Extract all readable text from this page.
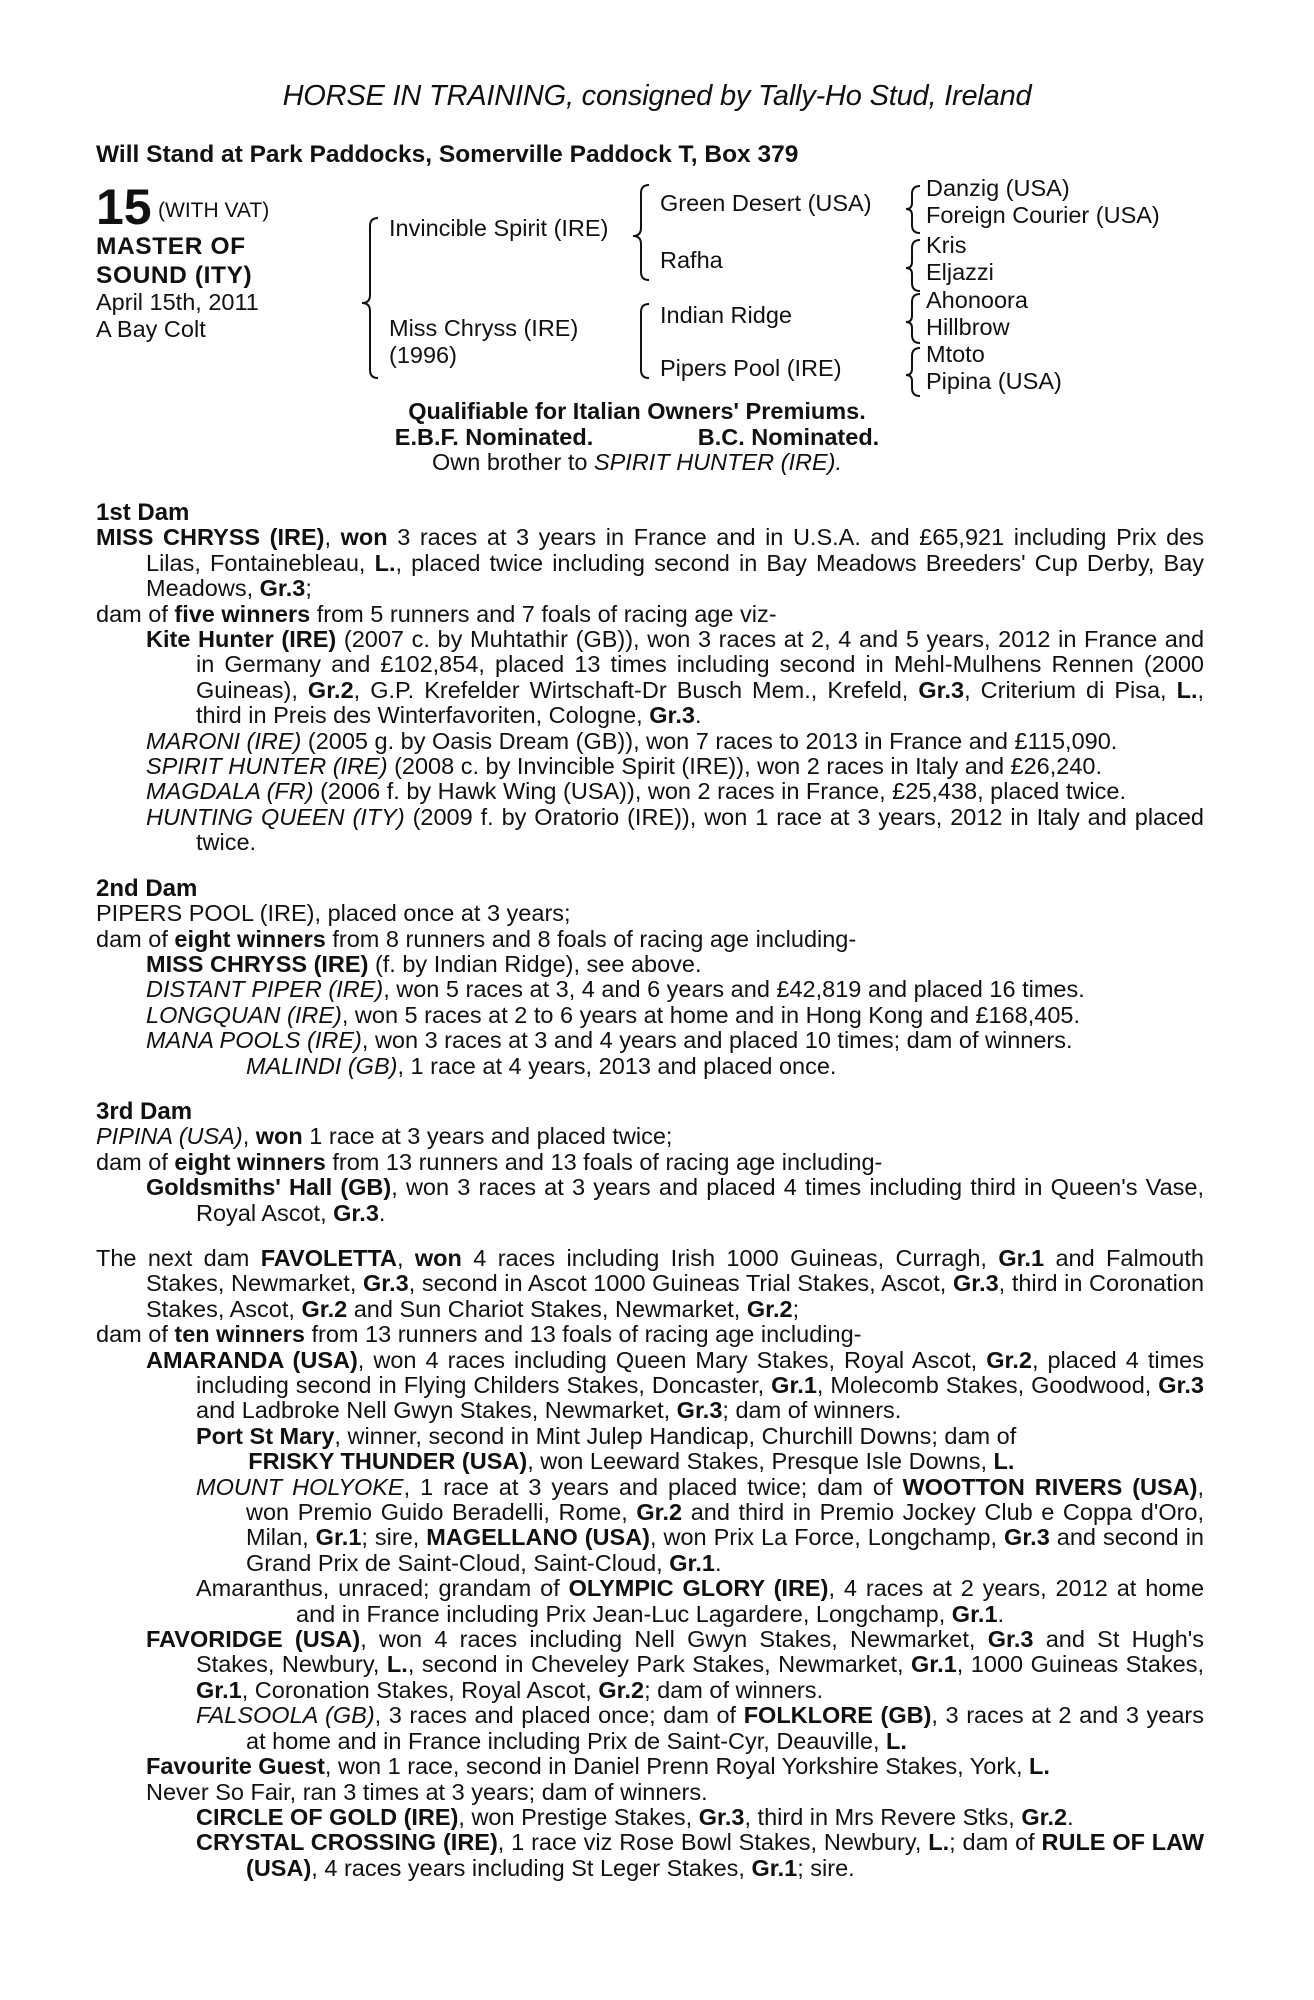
HORSE IN TRAINING, consigned by Tally-Ho Stud, Ireland
Will Stand at Park Paddocks, Somerville Paddock T, Box 379
15 (WITH VAT)
MASTER OF
SOUND (ITY)
April 15th, 2011
A Bay Colt
Invincible Spirit (IRE)
Miss Chryss (IRE)
(1996)
Green Desert (USA)
Rafha
Indian Ridge
Pipers Pool (IRE)
Danzig (USA)
Foreign Courier (USA)
Kris
Eljazzi
Ahonoora
Hillbrow
Mtoto
Pipina (USA)
Qualifiable for Italian Owners' Premiums.
E.B.F. Nominated.	B.C. Nominated.
Own brother to SPIRIT HUNTER (IRE).

1st Dam

MISS CHRYSS (IRE), won 3 races at 3 years in France and in U.S.A. and £65,921 including Prix des Lilas, Fontainebleau, L., placed twice including second in Bay Meadows Breeders' Cup Derby, Bay Meadows, Gr.3;

dam of five winners from 5 runners and 7 foals of racing age viz-

Kite Hunter (IRE) (2007 c. by Muhtathir (GB)), won 3 races at 2, 4 and 5 years, 2012 in France and in Germany and £102,854, placed 13 times including second in Mehl-Mulhens Rennen (2000 Guineas), Gr.2, G.P. Krefelder Wirtschaft-Dr Busch Mem., Krefeld, Gr.3, Criterium di Pisa, L., third in Preis des Winterfavoriten, Cologne, Gr.3.

MARONI (IRE) (2005 g. by Oasis Dream (GB)), won 7 races to 2013 in France and £115,090.

SPIRIT HUNTER (IRE) (2008 c. by Invincible Spirit (IRE)), won 2 races in Italy and £26,240.

MAGDALA (FR) (2006 f. by Hawk Wing (USA)), won 2 races in France, £25,438, placed twice.

HUNTING QUEEN (ITY) (2009 f. by Oratorio (IRE)), won 1 race at 3 years, 2012 in Italy and placed twice.

2nd Dam

PIPERS POOL (IRE), placed once at 3 years;

dam of eight winners from 8 runners and 8 foals of racing age including-

MISS CHRYSS (IRE) (f. by Indian Ridge), see above.

DISTANT PIPER (IRE), won 5 races at 3, 4 and 6 years and £42,819 and placed 16 times.

LONGQUAN (IRE), won 5 races at 2 to 6 years at home and in Hong Kong and £168,405.

MANA POOLS (IRE), won 3 races at 3 and 4 years and placed 10 times; dam of winners.

MALINDI (GB), 1 race at 4 years, 2013 and placed once.

3rd Dam

PIPINA (USA), won 1 race at 3 years and placed twice;

dam of eight winners from 13 runners and 13 foals of racing age including-

Goldsmiths' Hall (GB), won 3 races at 3 years and placed 4 times including third in Queen's Vase, Royal Ascot, Gr.3.

The next dam FAVOLETTA, won 4 races including Irish 1000 Guineas, Curragh, Gr.1 and Falmouth Stakes, Newmarket, Gr.3, second in Ascot 1000 Guineas Trial Stakes, Ascot, Gr.3, third in Coronation Stakes, Ascot, Gr.2 and Sun Chariot Stakes, Newmarket, Gr.2;

dam of ten winners from 13 runners and 13 foals of racing age including-

AMARANDA (USA), won 4 races including Queen Mary Stakes, Royal Ascot, Gr.2, placed 4 times including second in Flying Childers Stakes, Doncaster, Gr.1, Molecomb Stakes, Goodwood, Gr.3 and Ladbroke Nell Gwyn Stakes, Newmarket, Gr.3; dam of winners.

Port St Mary, winner, second in Mint Julep Handicap, Churchill Downs; dam of

FRISKY THUNDER (USA), won Leeward Stakes, Presque Isle Downs, L.

MOUNT HOLYOKE, 1 race at 3 years and placed twice; dam of WOOTTON RIVERS (USA), won Premio Guido Beradelli, Rome, Gr.2 and third in Premio Jockey Club e Coppa d'Oro, Milan, Gr.1; sire, MAGELLANO (USA), won Prix La Force, Longchamp, Gr.3 and second in Grand Prix de Saint-Cloud, Saint-Cloud, Gr.1.

Amaranthus, unraced; grandam of OLYMPIC GLORY (IRE), 4 races at 2 years, 2012 at home and in France including Prix Jean-Luc Lagardere, Longchamp, Gr.1.

FAVORIDGE (USA), won 4 races including Nell Gwyn Stakes, Newmarket, Gr.3 and St Hugh's Stakes, Newbury, L., second in Cheveley Park Stakes, Newmarket, Gr.1, 1000 Guineas Stakes, Gr.1, Coronation Stakes, Royal Ascot, Gr.2; dam of winners.

FALSOOLA (GB), 3 races and placed once; dam of FOLKLORE (GB), 3 races at 2 and 3 years at home and in France including Prix de Saint-Cyr, Deauville, L.

Favourite Guest, won 1 race, second in Daniel Prenn Royal Yorkshire Stakes, York, L.

Never So Fair, ran 3 times at 3 years; dam of winners.

CIRCLE OF GOLD (IRE), won Prestige Stakes, Gr.3, third in Mrs Revere Stks, Gr.2.

CRYSTAL CROSSING (IRE), 1 race viz Rose Bowl Stakes, Newbury, L.; dam of RULE OF LAW (USA), 4 races years including St Leger Stakes, Gr.1; sire.
